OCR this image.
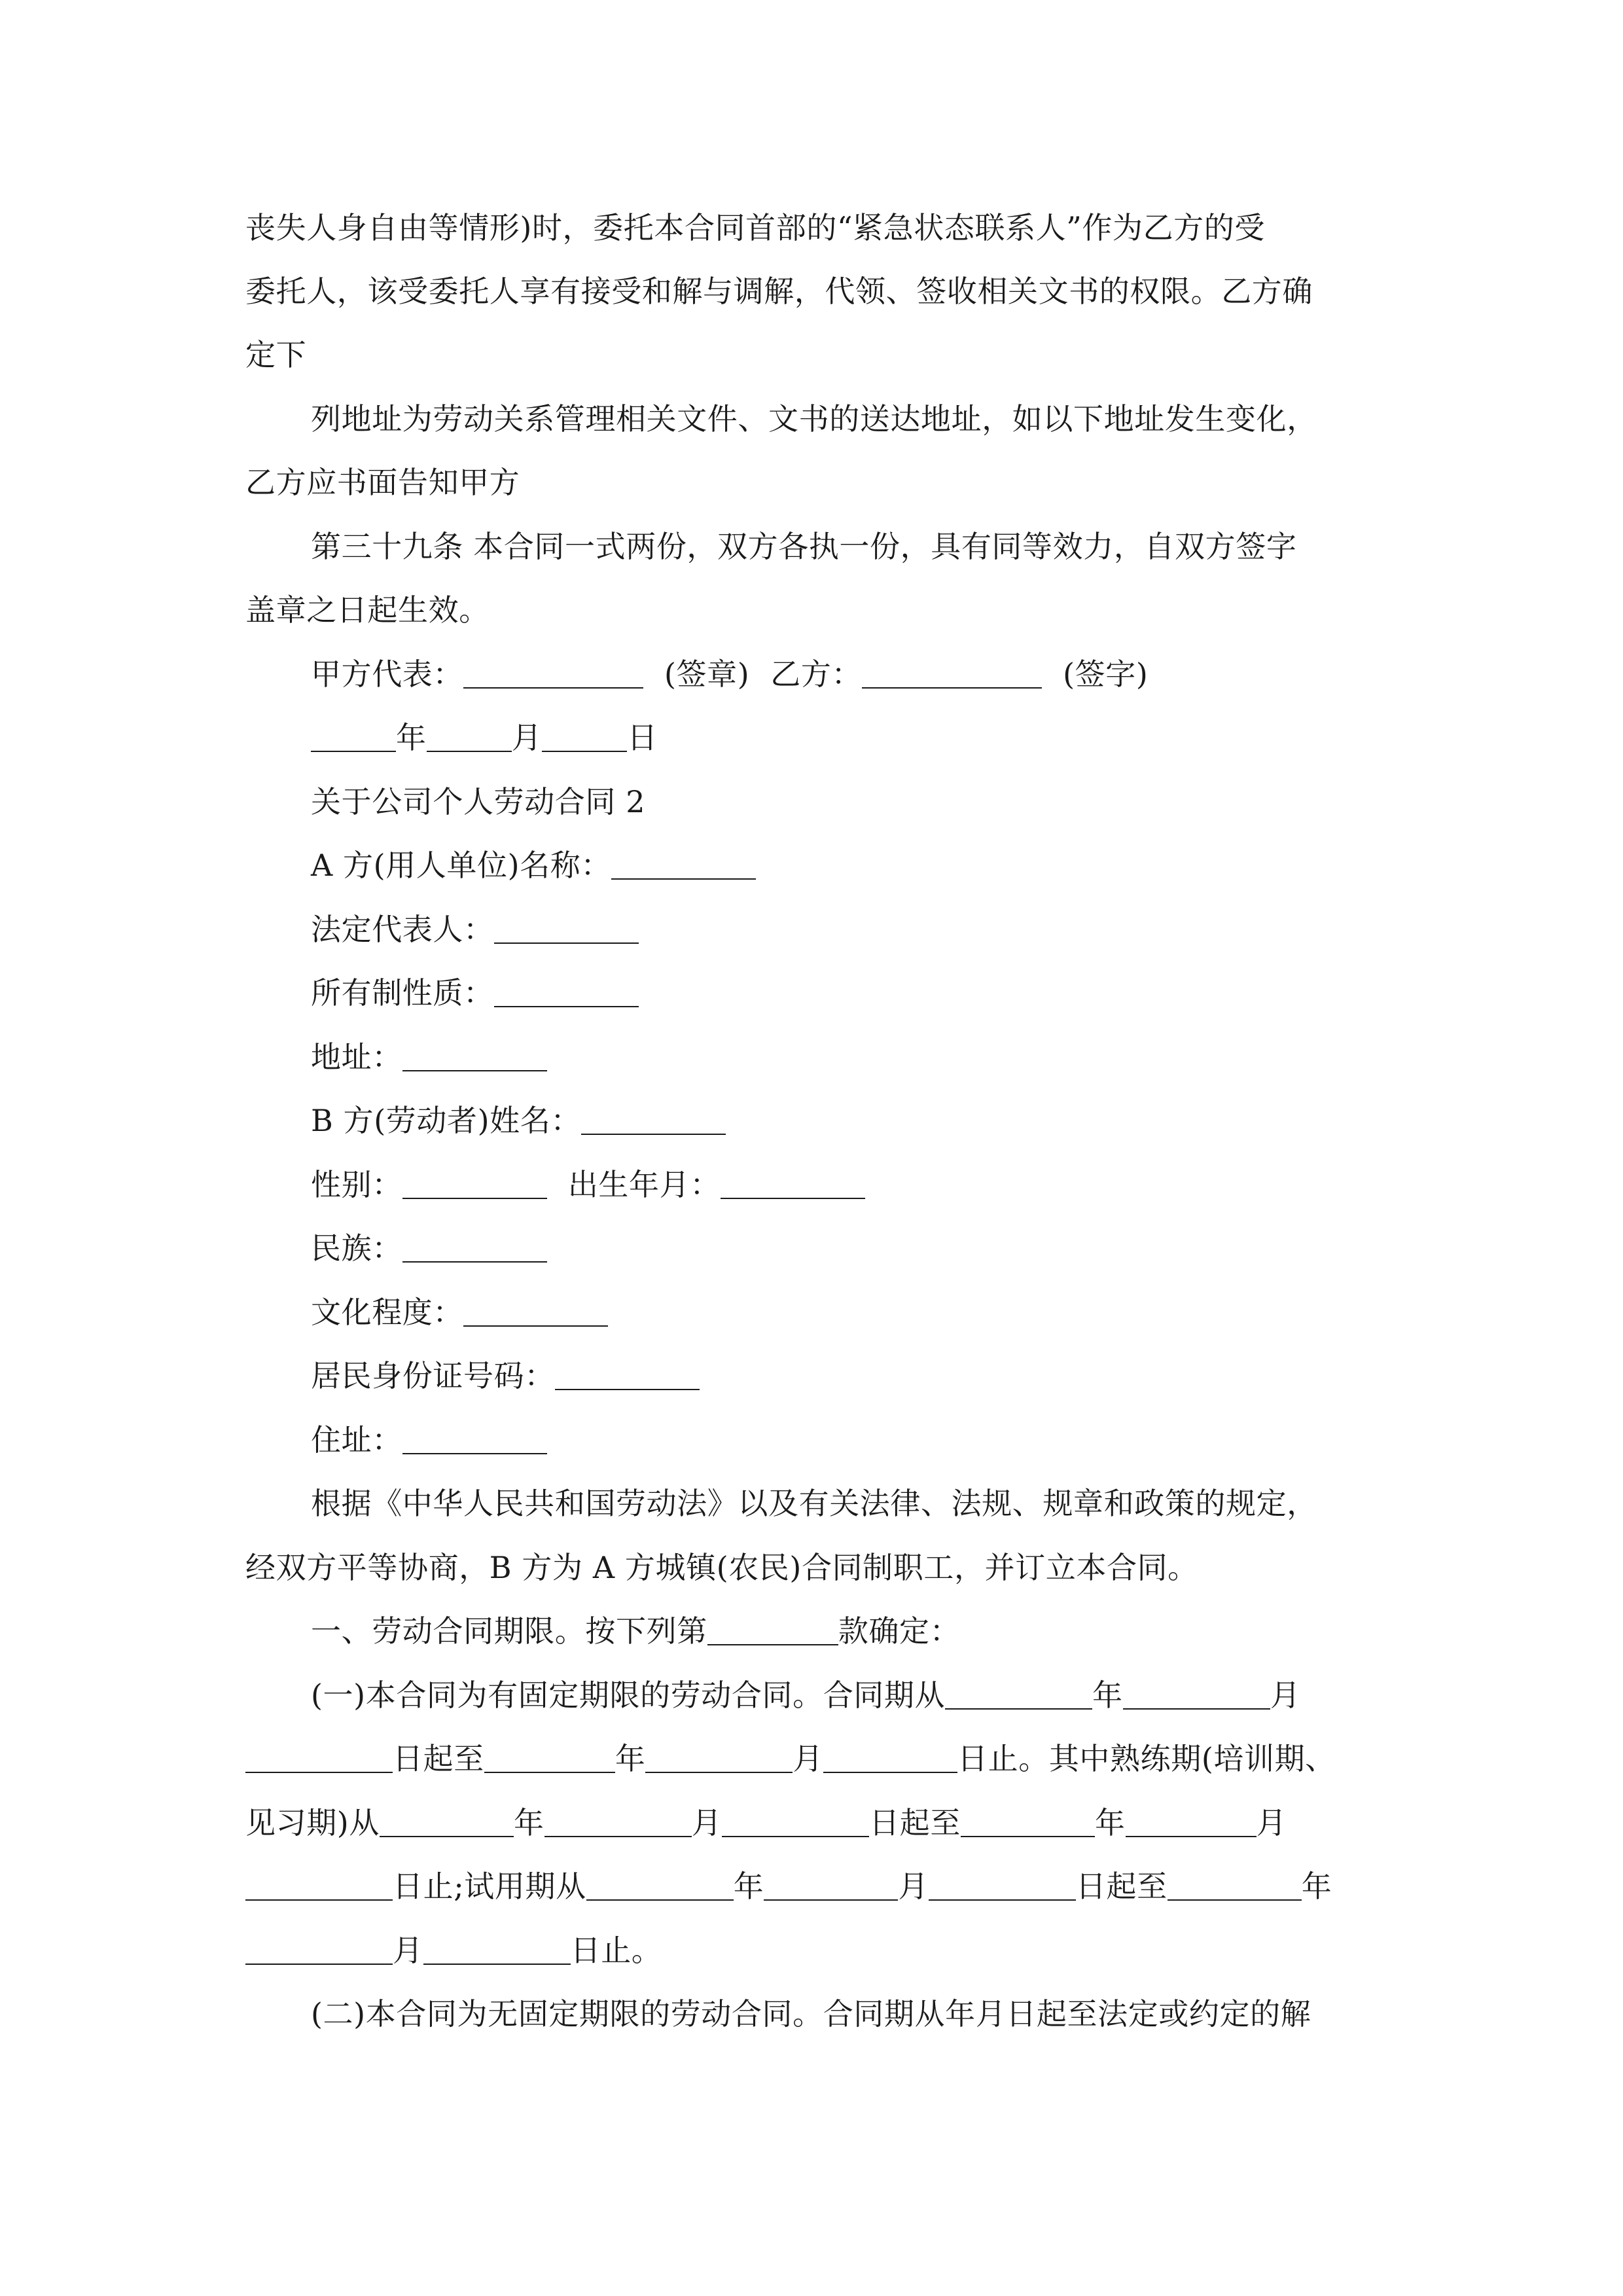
丧失人身自由等情形)时，委托本合同首部的“紧急状态联系人”作为乙方的受
委托人，该受委托人享有接受和解与调解，代领、签收相关文书的权限。乙方确
定下
列地址为劳动关系管理相关文件、文书的送达地址，如以下地址发生变化，
乙方应书面告知甲方
第三十九条 本合同一式两份，双方各执一份，具有同等效力，自双方签字
盖章之日起生效。
甲方代表：	(签章) 乙方：	(签字)
年	月	日
关于公司个人劳动合同 2
A 方(用人单位)名称：
法定代表人：
所有制性质：
地址：
B 方(劳动者)姓名：
性别：	出生年月：
民族：
文化程度：
居民身份证号码：
住址：
根据《中华人民共和国劳动法》以及有关法律、法规、规章和政策的规定，
经双方平等协商，B 方为 A 方城镇(农民)合同制职工，并订立本合同。
一、劳动合同期限。按下列第	款确定：
(一)本合同为有固定期限的劳动合同。合同期从	年	月
日起至	年	月	日止。其中熟练期(培训期、
见习期)从	年	月	日起至	年	月
日止;试用期从	年	月	日起至	年
月	日止。
(二)本合同为无固定期限的劳动合同。合同期从年月日起至法定或约定的解
